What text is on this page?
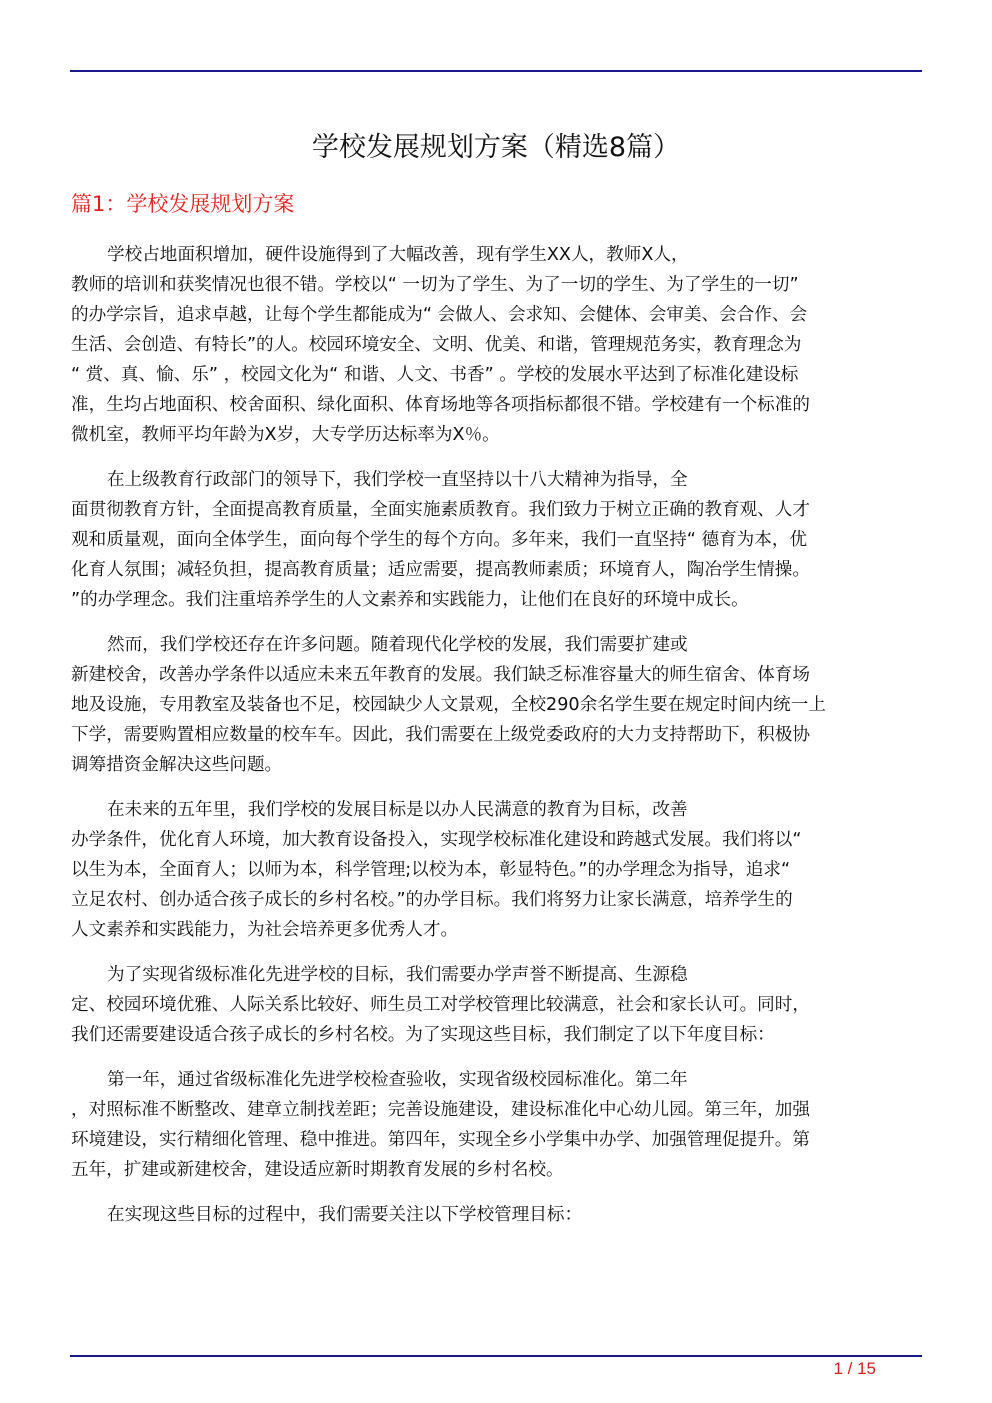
学校发展规划方案（精选8篇）
篇1：学校发展规划方案

学校占地面积增加，硬件设施得到了大幅改善，现有学生XX人，教师X人，
教师的培训和获奖情况也很不错。学校以“ 一切为了学生、为了一切的学生、为了学生的一切”
的办学宗旨，追求卓越，让每个学生都能成为“ 会做人、会求知、会健体、会审美、会合作、会
生活、会创造、有特长”的人。校园环境安全、文明、优美、和谐，管理规范务实，教育理念为
“ 赏、真、愉、乐” ，校园文化为“ 和谐、人文、书香” 。学校的发展水平达到了标准化建设标
准，生均占地面积、校舍面积、绿化面积、体育场地等各项指标都很不错。学校建有一个标准的
微机室，教师平均年龄为X岁，大专学历达标率为X％。

在上级教育行政部门的领导下，我们学校一直坚持以十八大精神为指导，全
面贯彻教育方针，全面提高教育质量，全面实施素质教育。我们致力于树立正确的教育观、人才
观和质量观，面向全体学生，面向每个学生的每个方向。多年来，我们一直坚持“ 德育为本，优
化育人氛围；减轻负担，提高教育质量；适应需要，提高教师素质；环境育人，陶冶学生情操。
”的办学理念。我们注重培养学生的人文素养和实践能力，让他们在良好的环境中成长。

然而，我们学校还存在许多问题。随着现代化学校的发展，我们需要扩建或
新建校舍，改善办学条件以适应未来五年教育的发展。我们缺乏标准容量大的师生宿舍、体育场
地及设施，专用教室及装备也不足，校园缺少人文景观，全校290余名学生要在规定时间内统一上
下学，需要购置相应数量的校车车。因此，我们需要在上级党委政府的大力支持帮助下，积极协
调筹措资金解决这些问题。

在未来的五年里，我们学校的发展目标是以办人民满意的教育为目标，改善
办学条件，优化育人环境，加大教育设备投入，实现学校标准化建设和跨越式发展。我们将以“
以生为本，全面育人；以师为本，科学管理;以校为本，彰显特色。”的办学理念为指导，追求“
立足农村、创办适合孩子成长的乡村名校。”的办学目标。我们将努力让家长满意，培养学生的
人文素养和实践能力，为社会培养更多优秀人才。

为了实现省级标准化先进学校的目标，我们需要办学声誉不断提高、生源稳
定、校园环境优雅、人际关系比较好、师生员工对学校管理比较满意，社会和家长认可。同时，
我们还需要建设适合孩子成长的乡村名校。为了实现这些目标，我们制定了以下年度目标：

第一年，通过省级标准化先进学校检查验收，实现省级校园标准化。第二年
，对照标准不断整改、建章立制找差距；完善设施建设，建设标准化中心幼儿园。第三年，加强
环境建设，实行精细化管理、稳中推进。第四年，实现全乡小学集中办学、加强管理促提升。第
五年，扩建或新建校舍，建设适应新时期教育发展的乡村名校。

在实现这些目标的过程中，我们需要关注以下学校管理目标：

1 / 15
